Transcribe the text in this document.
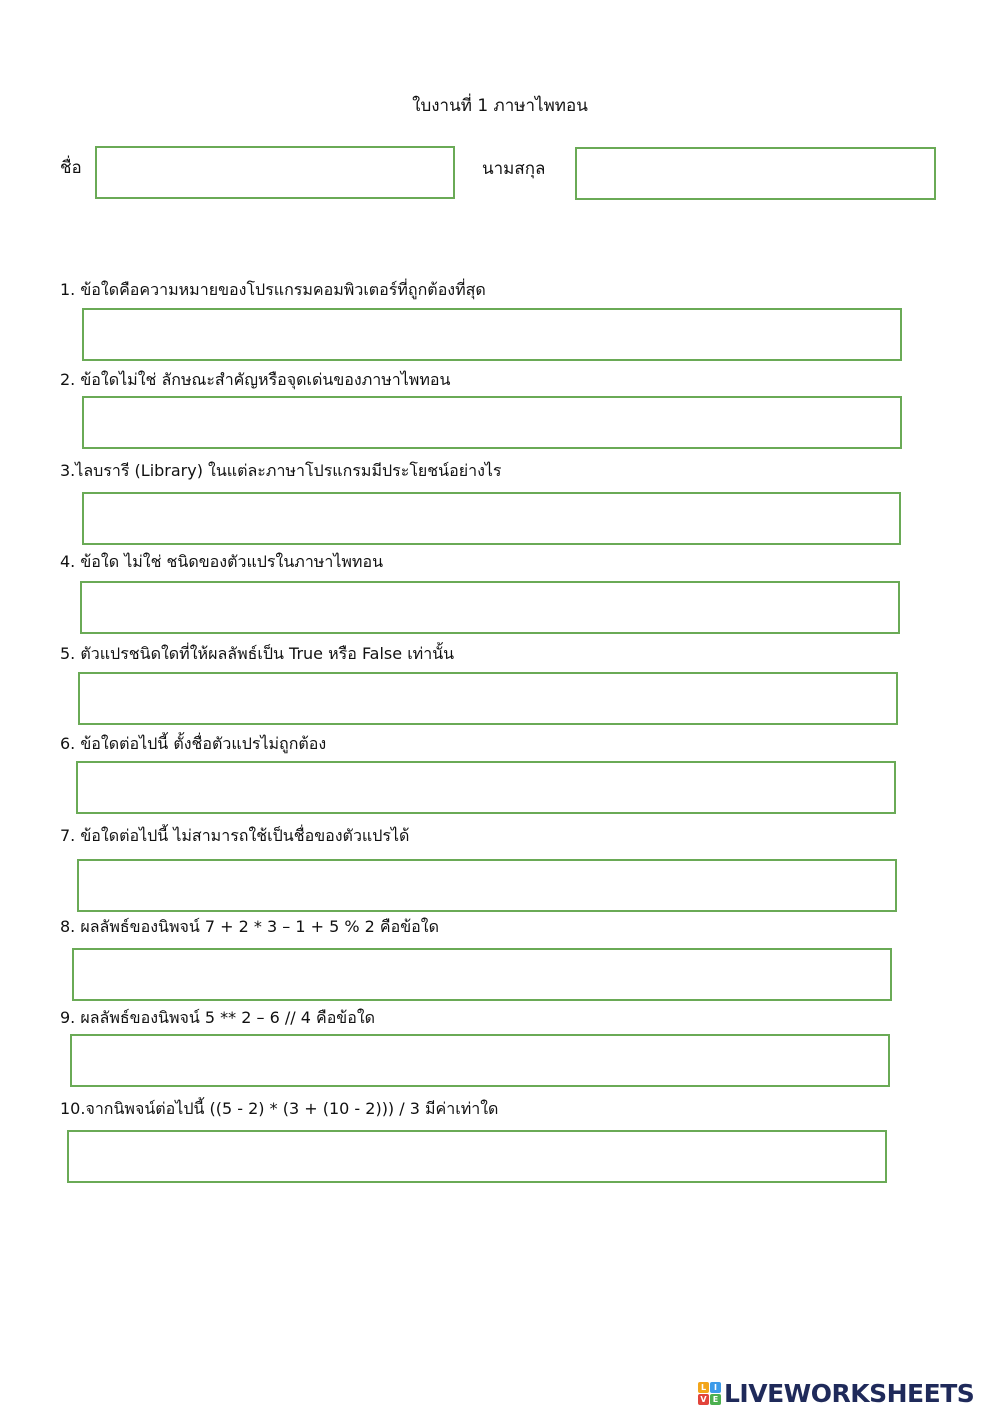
ใบงานที่ 1 ภาษาไพทอน
ชื่อ	นามสกุล
1. ข้อใดคือความหมายของโปรแกรมคอมพิวเตอร์ที่ถูกต้องที่สุด
2. ข้อใดไม่ใช่ ลักษณะสำคัญหรือจุดเด่นของภาษาไพทอน
3.ไลบรารี (Library) ในแต่ละภาษาโปรแกรมมีประโยชน์อย่างไร
4. ข้อใด ไม่ใช่ ชนิดของตัวแปรในภาษาไพทอน
5. ตัวแปรชนิดใดที่ให้ผลลัพธ์เป็น True หรือ False เท่านั้น
6. ข้อใดต่อไปนี้ ตั้งชื่อตัวแปรไม่ถูกต้อง
7. ข้อใดต่อไปนี้ ไม่สามารถใช้เป็นชื่อของตัวแปรได้
8. ผลลัพธ์ของนิพจน์ 7 + 2 * 3 – 1 + 5 % 2 คือข้อใด
9. ผลลัพธ์ของนิพจน์ 5 ** 2 – 6 // 4 คือข้อใด
10.จากนิพจน์ต่อไปนี้ ((5 - 2) * (3 + (10 - 2))) / 3 มีค่าเท่าใด
L I
V E LIVEWORKSHEETS
